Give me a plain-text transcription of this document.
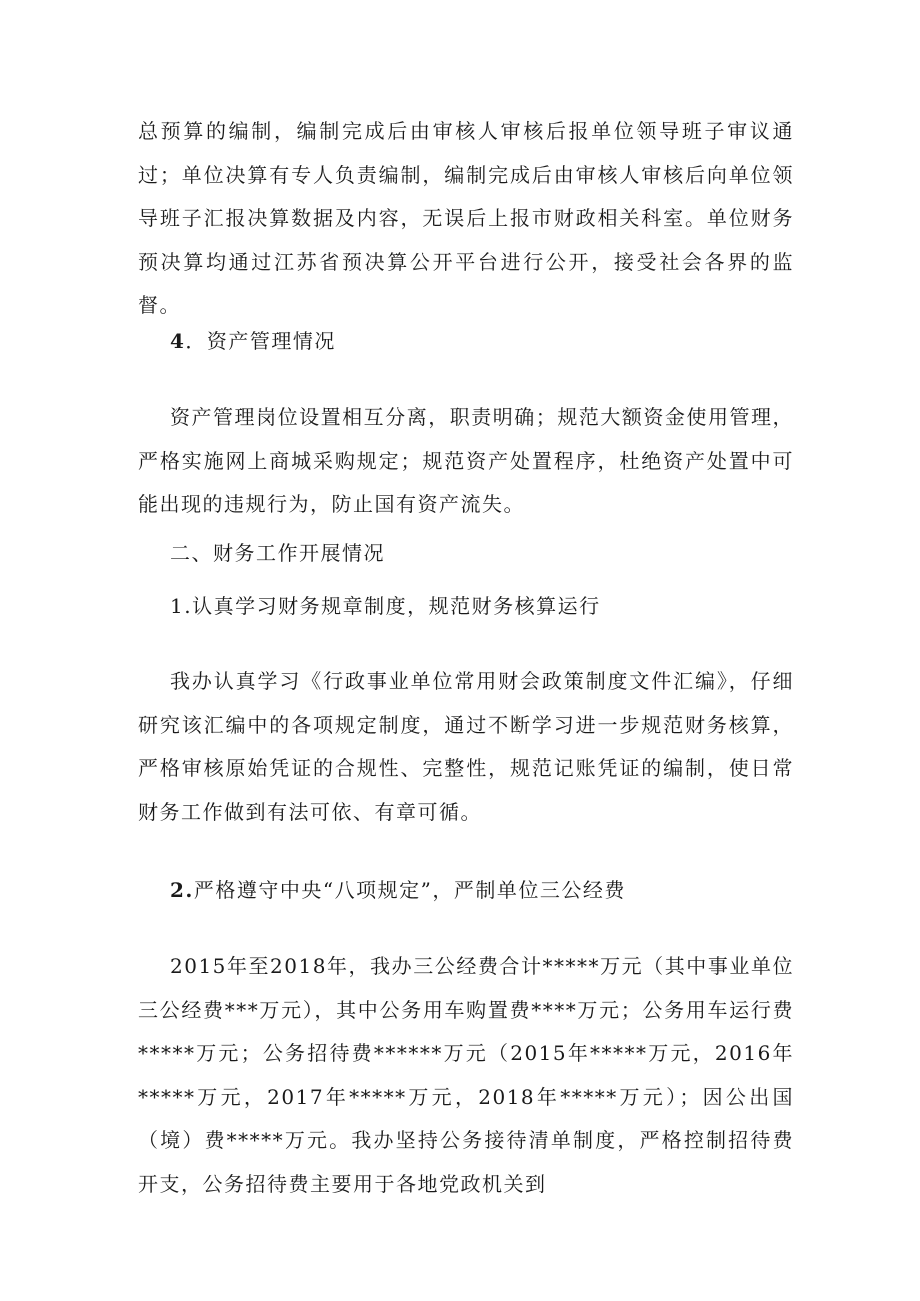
总预算的编制，编制完成后由审核人审核后报单位领导班子审议通过；单位决算有专人负责编制，编制完成后由审核人审核后向单位领导班子汇报决算数据及内容，无误后上报市财政相关科室。单位财务预决算均通过江苏省预决算公开平台进行公开，接受社会各界的监督。

4．资产管理情况

资产管理岗位设置相互分离，职责明确；规范大额资金使用管理，严格实施网上商城采购规定；规范资产处置程序，杜绝资产处置中可能出现的违规行为，防止国有资产流失。

二、财务工作开展情况

1.认真学习财务规章制度，规范财务核算运行

我办认真学习《行政事业单位常用财会政策制度文件汇编》，仔细研究该汇编中的各项规定制度，通过不断学习进一步规范财务核算，严格审核原始凭证的合规性、完整性，规范记账凭证的编制，使日常财务工作做到有法可依、有章可循。

2.严格遵守中央“八项规定”，严制单位三公经费

2015年至2018年，我办三公经费合计*****万元（其中事业单位三公经费***万元），其中公务用车购置费****万元；公务用车运行费*****万元；公务招待费******万元（2015年*****万元，2016年*****万元，2017年*****万元，2018年*****万元）；因公出国（境）费*****万元。我办坚持公务接待清单制度，严格控制招待费开支，公务招待费主要用于各地党政机关到
